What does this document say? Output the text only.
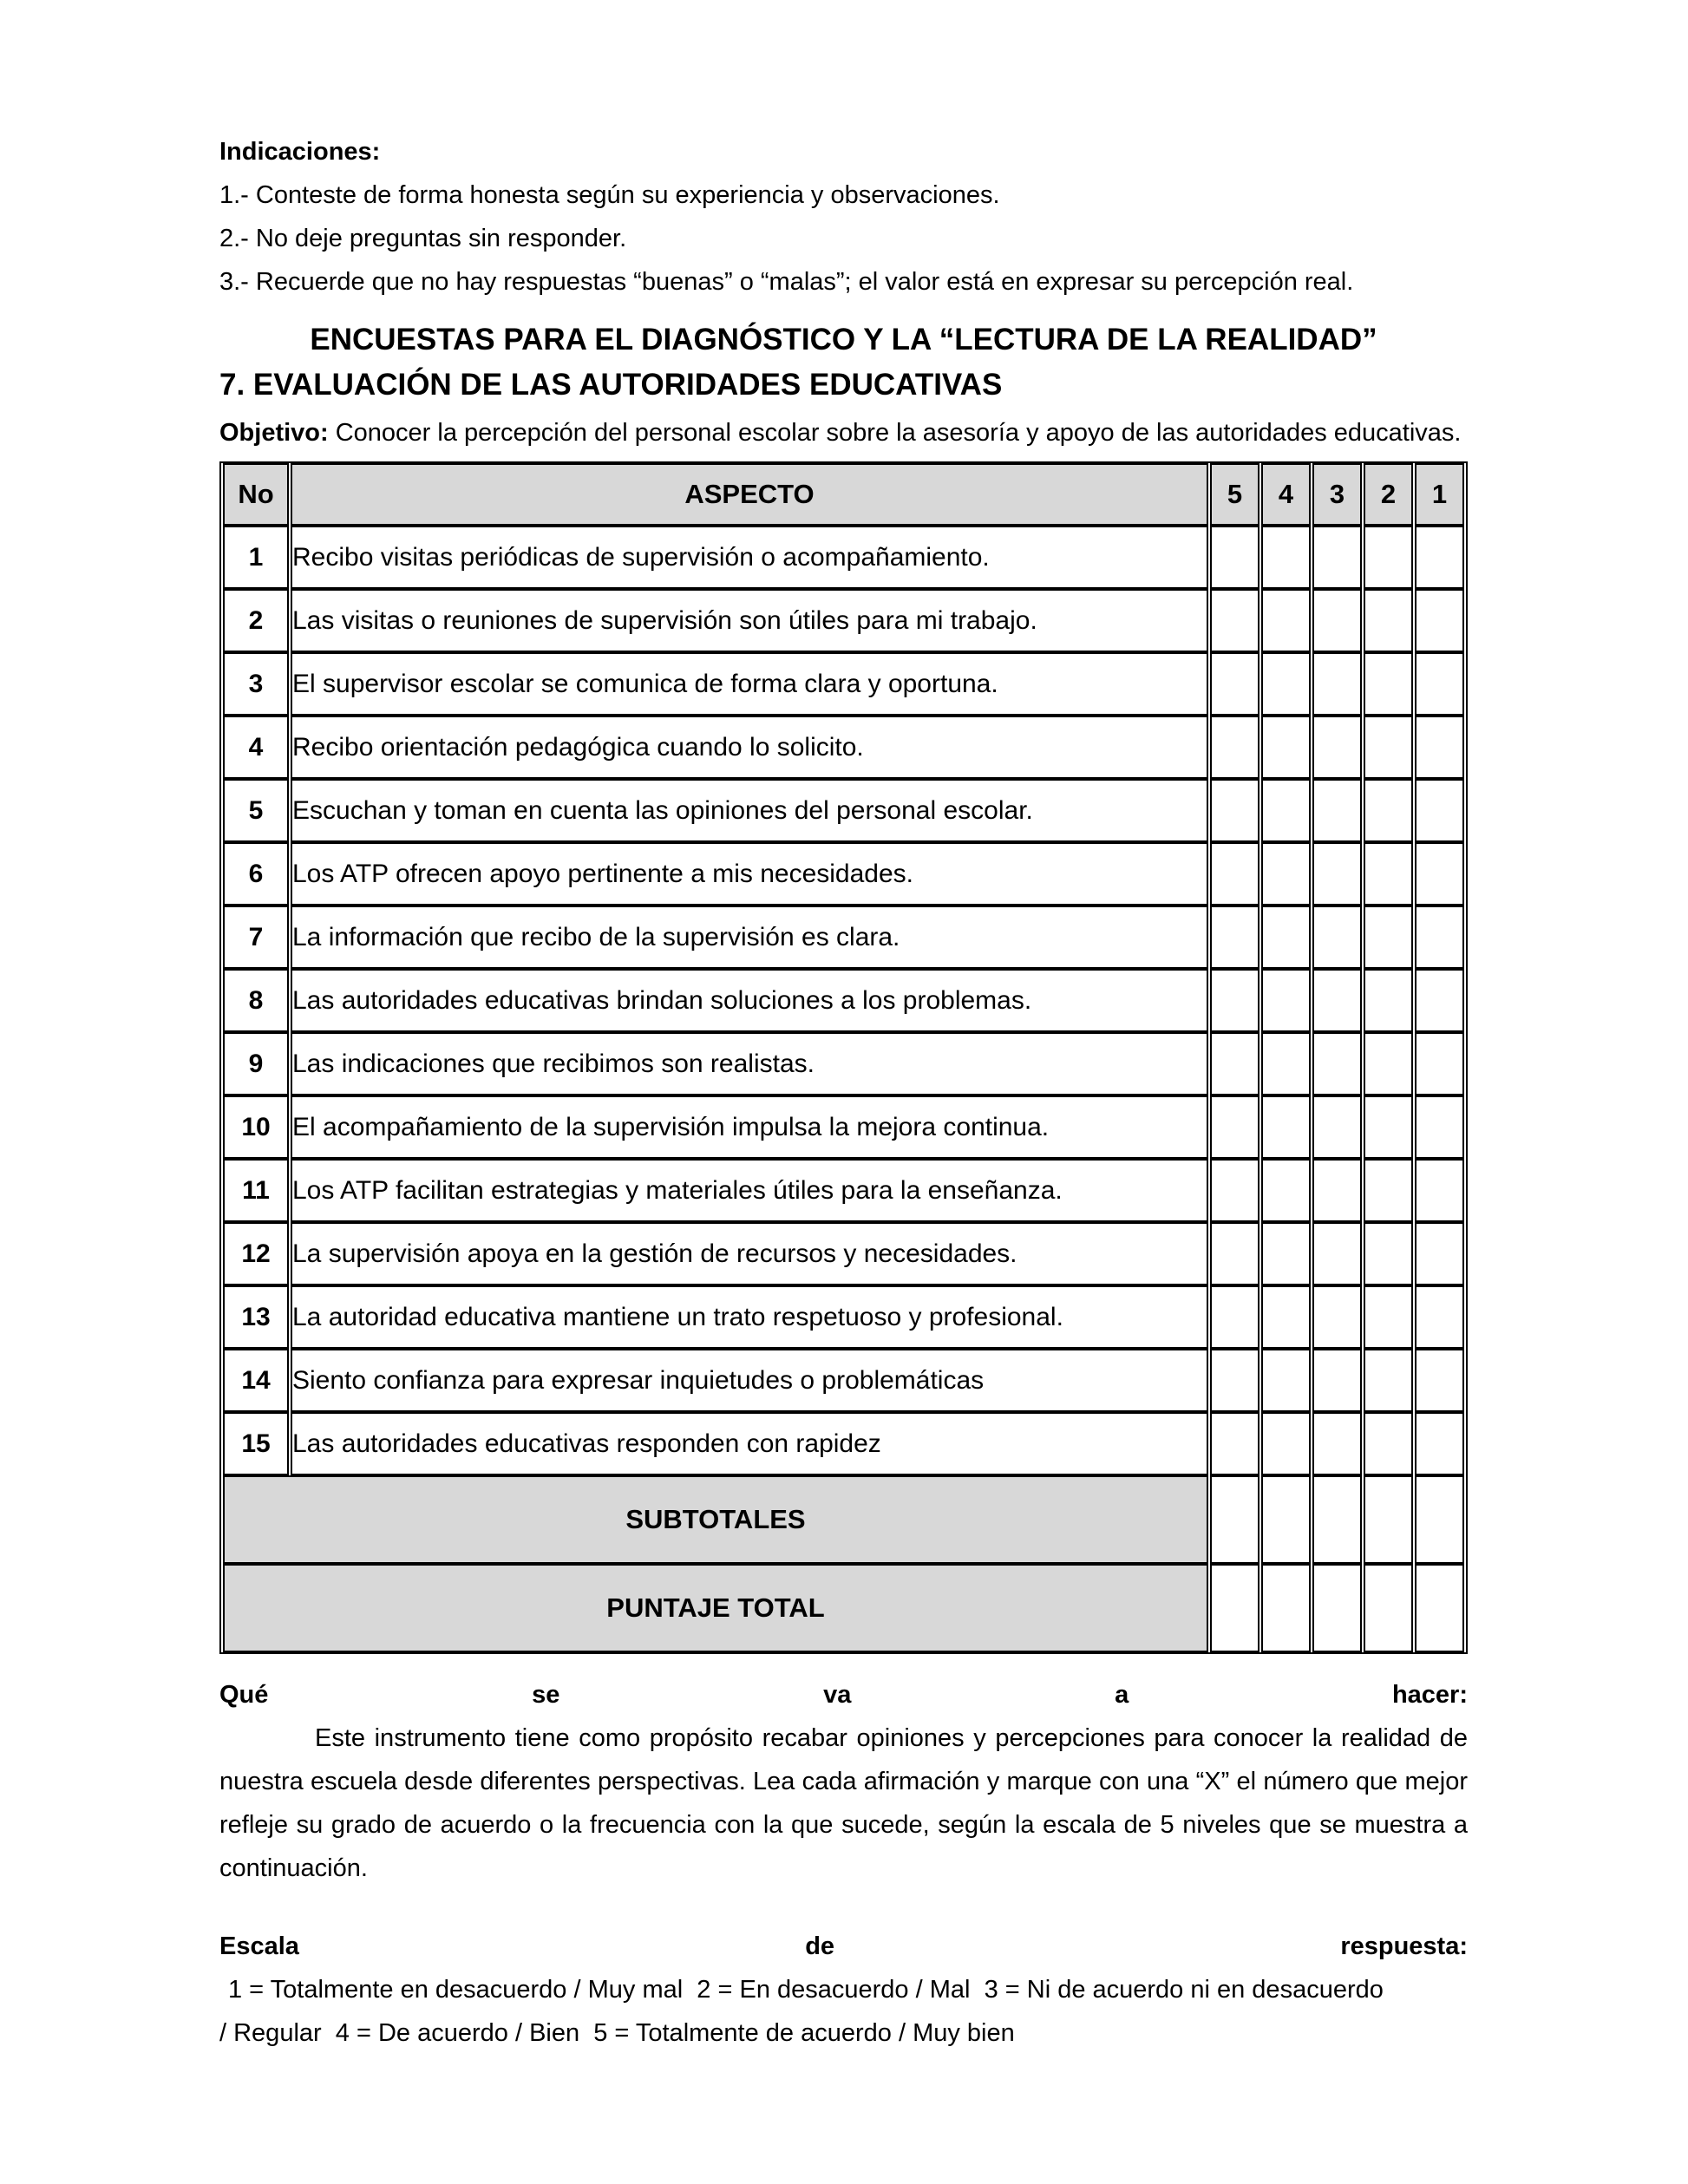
Indicaciones:

1.- Conteste de forma honesta según su experiencia y observaciones.

2.- No deje preguntas sin responder.

3.- Recuerde que no hay respuestas “buenas” o “malas”; el valor está en expresar su percepción real.

ENCUESTAS PARA EL DIAGNÓSTICO Y LA “LECTURA DE LA REALIDAD”
7. EVALUACIÓN DE LAS AUTORIDADES EDUCATIVAS

Objetivo: Conocer la percepción del personal escolar sobre la asesoría y apoyo de las autoridades educativas.

No	ASPECTO	5	4	3	2	1
1	Recibo visitas periódicas de supervisión o acompañamiento.					
2	Las visitas o reuniones de supervisión son útiles para mi trabajo.					
3	El supervisor escolar se comunica de forma clara y oportuna.					
4	Recibo orientación pedagógica cuando lo solicito.					
5	Escuchan y toman en cuenta las opiniones del personal escolar.					
6	Los ATP ofrecen apoyo pertinente a mis necesidades.					
7	La información que recibo de la supervisión es clara.					
8	Las autoridades educativas brindan soluciones a los problemas.					
9	Las indicaciones que recibimos son realistas.					
10	El acompañamiento de la supervisión impulsa la mejora continua.					
11	Los ATP facilitan estrategias y materiales útiles para la enseñanza.					
12	La supervisión apoya en la gestión de recursos y necesidades.					
13	La autoridad educativa mantiene un trato respetuoso y profesional.					
14	Siento confianza para expresar inquietudes o problemáticas					
15	Las autoridades educativas responden con rapidez					
SUBTOTALES						
PUNTAJE TOTAL						
Qué	se	va	a	hacer:

Este instrumento tiene como propósito recabar opiniones y percepciones para conocer la realidad de nuestra escuela desde diferentes perspectivas. Lea cada afirmación y marque con una “X” el número que mejor refleje su grado de acuerdo o la frecuencia con la que sucede, según la escala de 5 niveles que se muestra a continuación.

Escala	de	respuesta:

1 = Totalmente en desacuerdo / Muy mal  2 = En desacuerdo / Mal  3 = Ni de acuerdo ni en desacuerdo

/ Regular  4 = De acuerdo / Bien  5 = Totalmente de acuerdo / Muy bien
